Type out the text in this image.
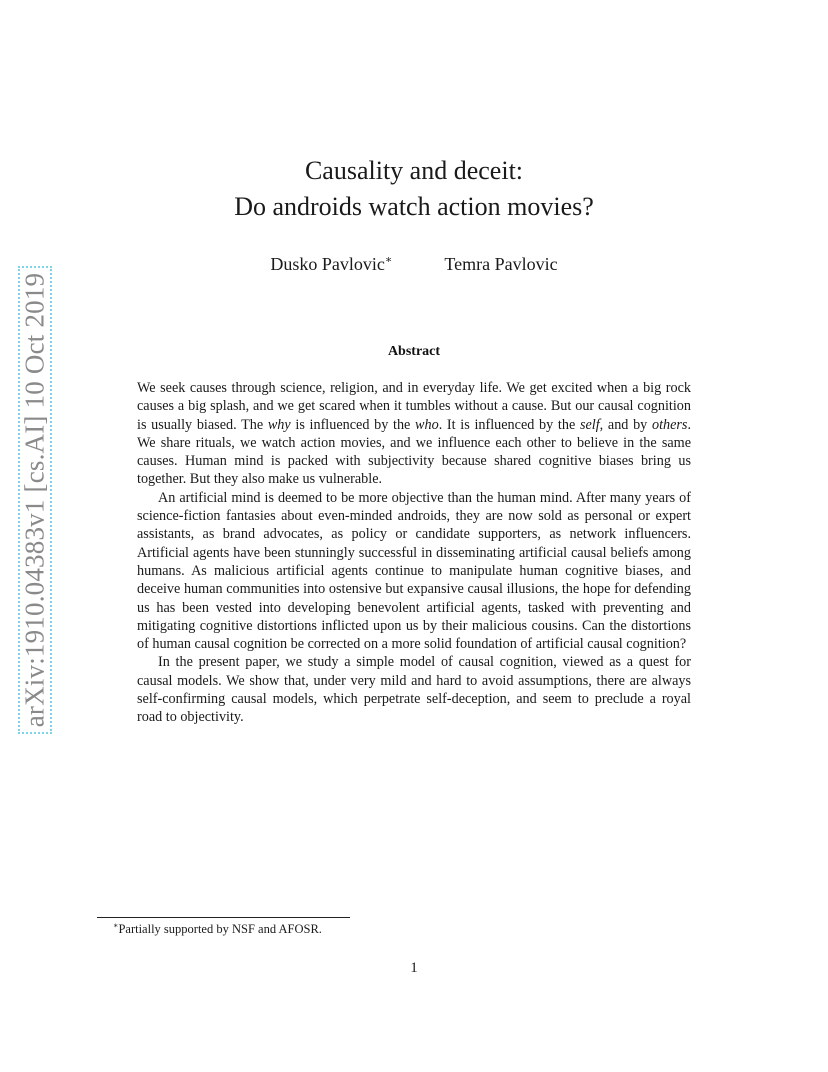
arXiv:1910.04383v1 [cs.AI] 10 Oct 2019
Causality and deceit:
Do androids watch action movies?
Dusko Pavlovic∗	Temra Pavlovic
Abstract

We seek causes through science, religion, and in everyday life. We get excited when a big rock causes a big splash, and we get scared when it tumbles without a cause. But our causal cognition is usually biased. The why is influenced by the who. It is influenced by the self, and by others. We share rituals, we watch action movies, and we influence each other to believe in the same causes. Human mind is packed with subjectivity because shared cognitive biases bring us together. But they also make us vulnerable.

An artificial mind is deemed to be more objective than the human mind. After many years of science-fiction fantasies about even-minded androids, they are now sold as personal or expert assistants, as brand advocates, as policy or candidate supporters, as network influencers. Artificial agents have been stunningly successful in disseminating artificial causal beliefs among humans. As malicious artificial agents continue to manipulate human cognitive biases, and deceive human communities into ostensive but expansive causal illusions, the hope for defending us has been vested into developing benevolent artificial agents, tasked with preventing and mitigating cognitive distortions inflicted upon us by their malicious cousins. Can the distortions of human causal cognition be corrected on a more solid foundation of artificial causal cognition?

In the present paper, we study a simple model of causal cognition, viewed as a quest for causal models. We show that, under very mild and hard to avoid assumptions, there are always self-confirming causal models, which perpetrate self-deception, and seem to preclude a royal road to objectivity.

∗Partially supported by NSF and AFOSR.
1
